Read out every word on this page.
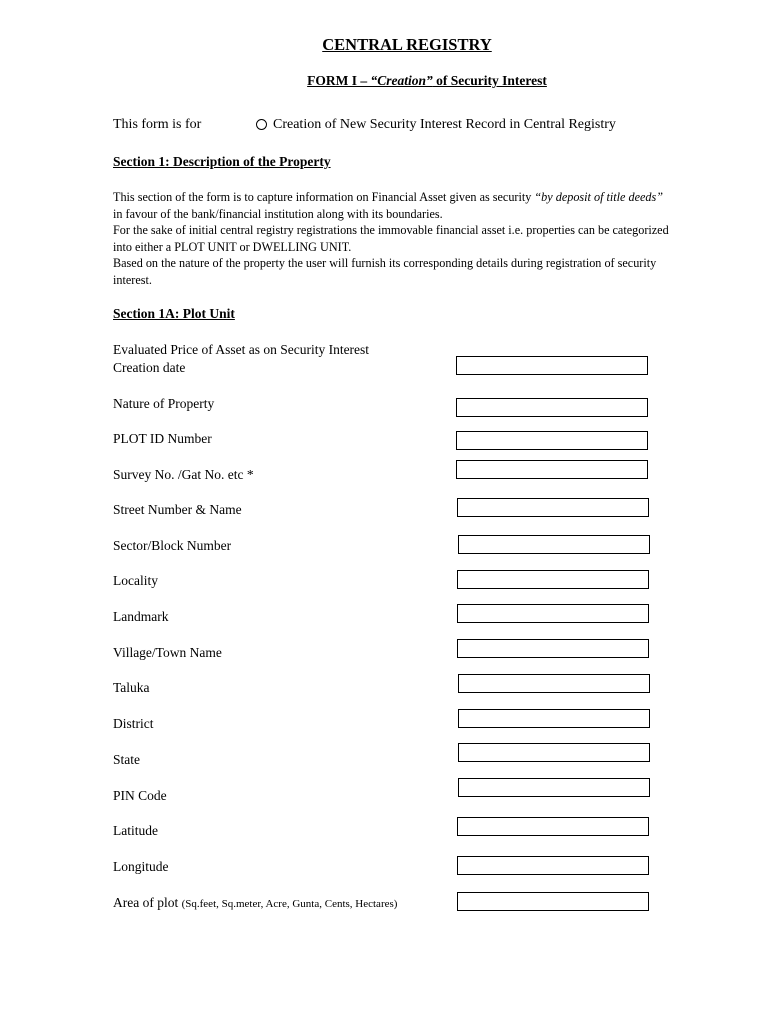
CENTRAL REGISTRY
FORM I – “Creation” of Security Interest
This form is for	Creation of New Security Interest Record in Central Registry
Section 1: Description of the Property

This section of the form is to capture information on Financial Asset given as security “by deposit of title deeds” in favour of the bank/financial institution along with its boundaries.

For the sake of initial central registry registrations the immovable financial asset i.e. properties can be categorized into either a PLOT UNIT or DWELLING UNIT.

Based on the nature of the property the user will furnish its corresponding details during registration of security interest.

Section 1A: Plot Unit
Evaluated Price of Asset as on Security Interest Creation date
Nature of Property
PLOT ID Number
Survey No. /Gat No. etc *
Street Number & Name
Sector/Block Number
Locality
Landmark
Village/Town Name
Taluka
District
State
PIN Code
Latitude
Longitude
Area of plot (Sq.feet, Sq.meter, Acre, Gunta, Cents, Hectares)
